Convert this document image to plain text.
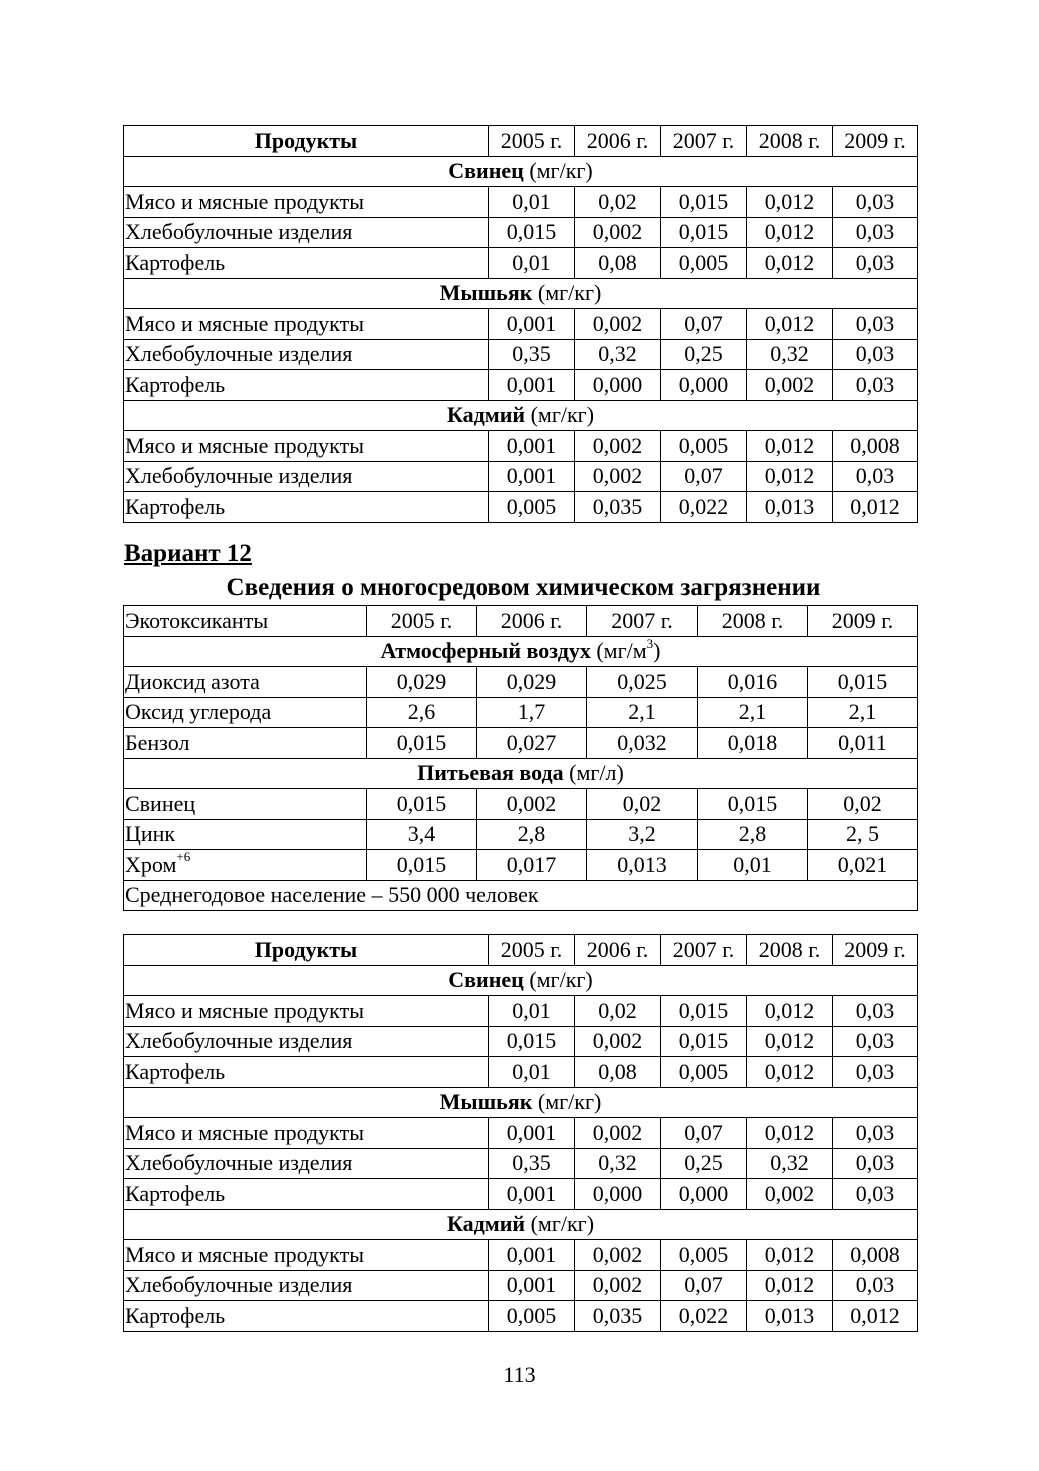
Продукты	2005 г.	2006 г.	2007 г.	2008 г.	2009 г.
Свинец (мг/кг)					
Мясо и мясные продукты	0,01	0,02	0,015	0,012	0,03
Хлебобулочные изделия	0,015	0,002	0,015	0,012	0,03
Картофель	0,01	0,08	0,005	0,012	0,03
Мышьяк (мг/кг)					
Мясо и мясные продукты	0,001	0,002	0,07	0,012	0,03
Хлебобулочные изделия	0,35	0,32	0,25	0,32	0,03
Картофель	0,001	0,000	0,000	0,002	0,03
Кадмий (мг/кг)					
Мясо и мясные продукты	0,001	0,002	0,005	0,012	0,008
Хлебобулочные изделия	0,001	0,002	0,07	0,012	0,03
Картофель	0,005	0,035	0,022	0,013	0,012
Вариант 12
Сведения о многосредовом химическом загрязнении
Экотоксиканты	2005 г.	2006 г.	2007 г.	2008 г.	2009 г.
Атмосферный воздух $(мг/м^3)$					
Диоксид азота	0,029	0,029	0,025	0,016	0,015
Оксид углерода	2,6	1,7	2,1	2,1	2,1
Бензол	0,015	0,027	0,032	0,018	0,011
Питьевая вода (мг/л)					
Свинец	0,015	0,002	0,02	0,015	0,02
Цинк	3,4	2,8	3,2	2,8	2, 5
Хром$^{+6}$	0,015	0,017	0,013	0,01	0,021
Среднегодовое население – 550 000 человек					
Продукты	2005 г.	2006 г.	2007 г.	2008 г.	2009 г.
Свинец (мг/кг)					
Мясо и мясные продукты	0,01	0,02	0,015	0,012	0,03
Хлебобулочные изделия	0,015	0,002	0,015	0,012	0,03
Картофель	0,01	0,08	0,005	0,012	0,03
Мышьяк (мг/кг)					
Мясо и мясные продукты	0,001	0,002	0,07	0,012	0,03
Хлебобулочные изделия	0,35	0,32	0,25	0,32	0,03
Картофель	0,001	0,000	0,000	0,002	0,03
Кадмий (мг/кг)					
Мясо и мясные продукты	0,001	0,002	0,005	0,012	0,008
Хлебобулочные изделия	0,001	0,002	0,07	0,012	0,03
Картофель	0,005	0,035	0,022	0,013	0,012
113
